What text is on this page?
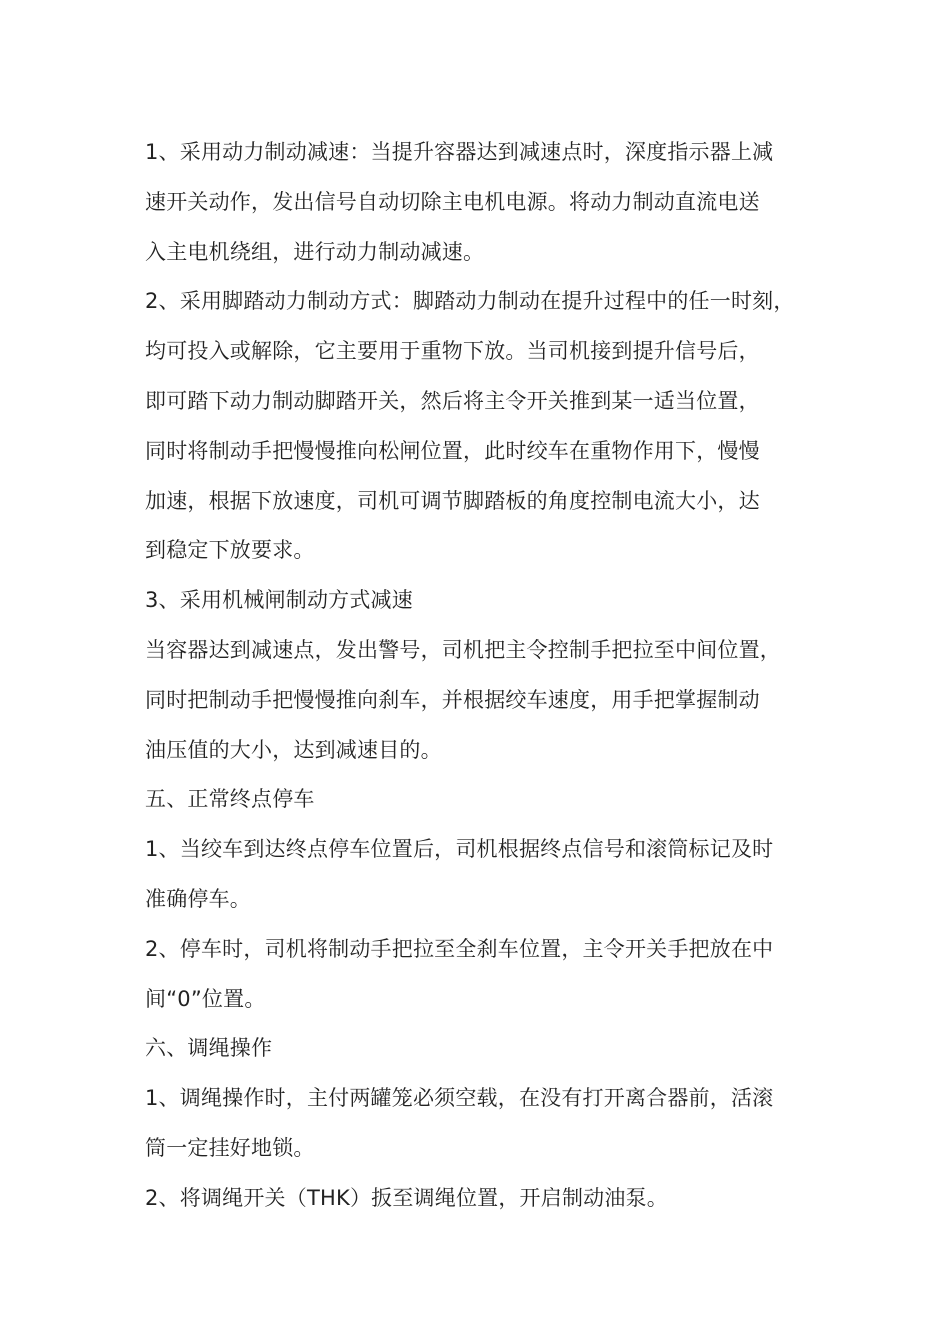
1、采用动力制动减速：当提升容器达到减速点时，深度指示器上减
速开关动作，发出信号自动切除主电机电源。将动力制动直流电送
入主电机绕组，进行动力制动减速。
2、采用脚踏动力制动方式：脚踏动力制动在提升过程中的任一时刻，
均可投入或解除，它主要用于重物下放。当司机接到提升信号后，
即可踏下动力制动脚踏开关，然后将主令开关推到某一适当位置，
同时将制动手把慢慢推向松闸位置，此时绞车在重物作用下，慢慢
加速，根据下放速度，司机可调节脚踏板的角度控制电流大小，达
到稳定下放要求。
3、采用机械闸制动方式减速
当容器达到减速点，发出警号，司机把主令控制手把拉至中间位置，
同时把制动手把慢慢推向刹车，并根据绞车速度，用手把掌握制动
油压值的大小，达到减速目的。
五、正常终点停车
1、当绞车到达终点停车位置后，司机根据终点信号和滚筒标记及时
准确停车。
2、停车时，司机将制动手把拉至全刹车位置，主令开关手把放在中
间“0”位置。
六、调绳操作
1、调绳操作时，主付两罐笼必须空载，在没有打开离合器前，活滚
筒一定挂好地锁。
2、将调绳开关（THK）扳至调绳位置，开启制动油泵。
